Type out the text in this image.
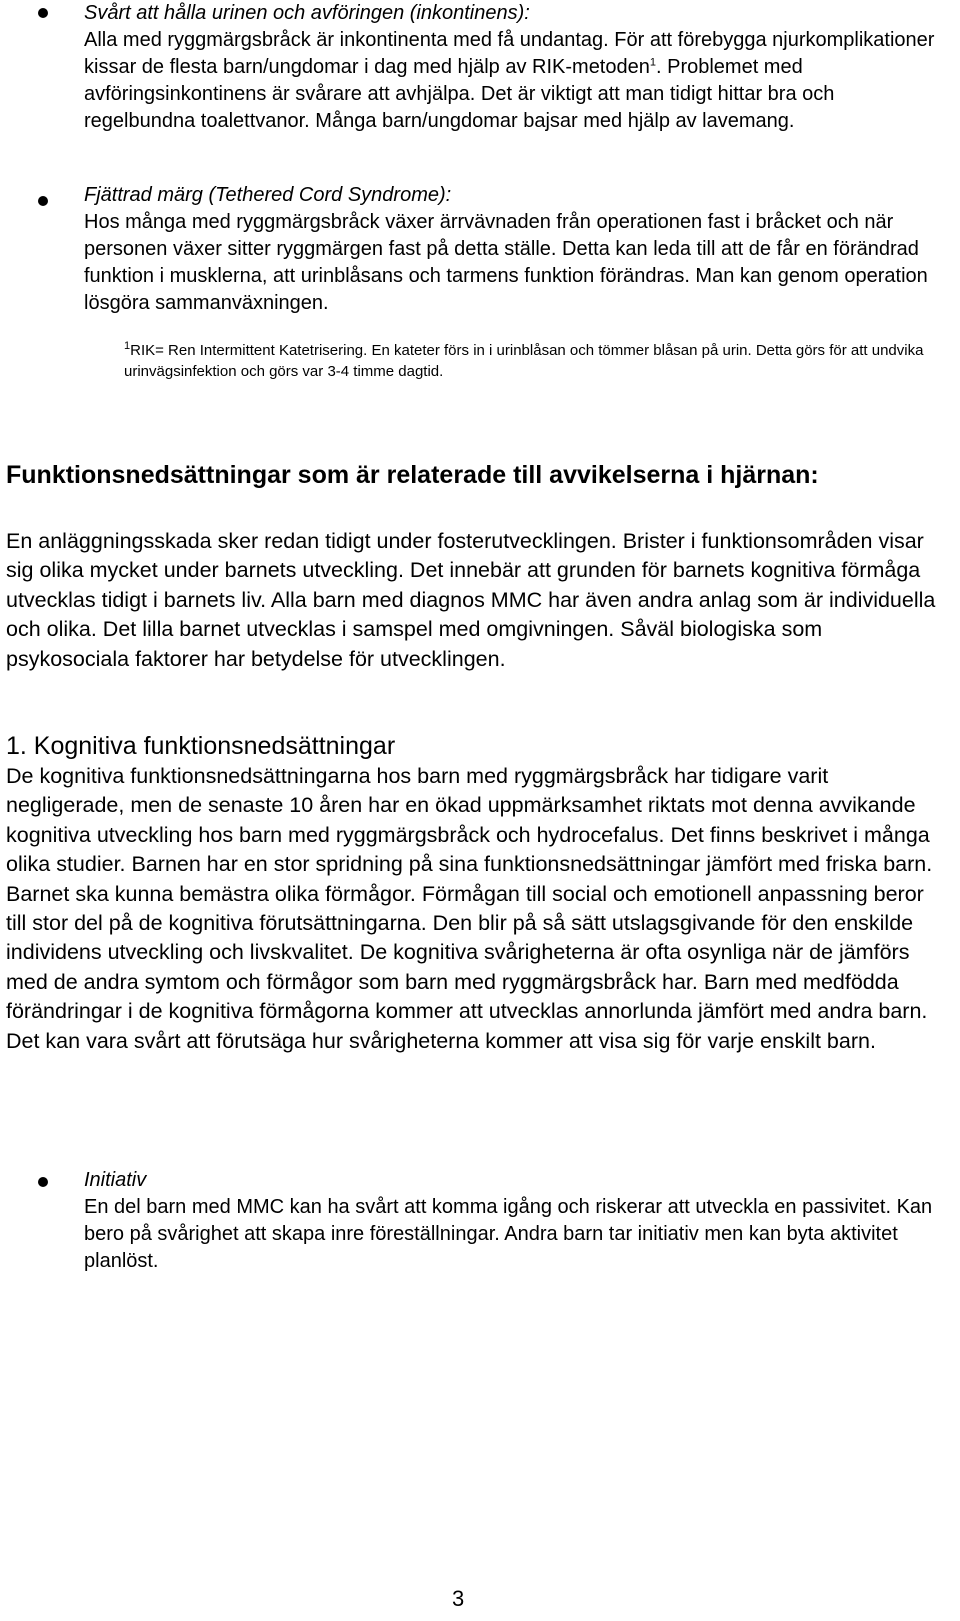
Svårt att hålla urinen och avföringen (inkontinens):
Alla med ryggmärgsbråck är inkontinenta med få undantag. För att förebygga njurkomplikationer kissar de flesta barn/ungdomar i dag med hjälp av RIK-metoden$^1$. Problemet med avföringsinkontinens är svårare att avhjälpa. Det är viktigt att man tidigt hittar bra och regelbundna toalettvanor. Många barn/ungdomar bajsar med hjälp av lavemang.
Fjättrad märg (Tethered Cord Syndrome):
Hos många med ryggmärgsbråck växer ärrvävnaden från operationen fast i bråcket och när personen växer sitter ryggmärgen fast på detta ställe. Detta kan leda till att de får en förändrad funktion i musklerna, att urinblåsans och tarmens funktion förändras. Man kan genom operation lösgöra sammanväxningen.
$^1$RIK= Ren Intermittent Katetrisering. En kateter förs in i urinblåsan och tömmer blåsan på urin. Detta görs för att undvika urinvägsinfektion och görs var 3-4 timme dagtid.
Funktionsnedsättningar som är relaterade till avvikelserna i hjärnan:

En anläggningsskada sker redan tidigt under fosterutvecklingen. Brister i funktionsområden visar sig olika mycket under barnets utveckling. Det innebär att grunden för barnets kognitiva förmåga utvecklas tidigt i barnets liv. Alla barn med diagnos MMC har även andra anlag som är individuella och olika. Det lilla barnet utvecklas i samspel med omgivningen. Såväl biologiska som psykosociala faktorer har betydelse för utvecklingen.

1. Kognitiva funktionsnedsättningar

De kognitiva funktionsnedsättningarna hos barn med ryggmärgsbråck har tidigare varit negligerade, men de senaste 10 åren har en ökad uppmärksamhet riktats mot denna avvikande kognitiva utveckling hos barn med ryggmärgsbråck och hydrocefalus. Det finns beskrivet i många olika studier. Barnen har en stor spridning på sina funktionsnedsättningar jämfört med friska barn. Barnet ska kunna bemästra olika förmågor. Förmågan till social och emotionell anpassning beror till stor del på de kognitiva förutsättningarna. Den blir på så sätt utslagsgivande för den enskilde individens utveckling och livskvalitet. De kognitiva svårigheterna är ofta osynliga när de jämförs med de andra symtom och förmågor som barn med ryggmärgsbråck har. Barn med medfödda förändringar i de kognitiva förmågorna kommer att utvecklas annorlunda jämfört med andra barn. Det kan vara svårt att förutsäga hur svårigheterna kommer att visa sig för varje enskilt barn.

Initiativ
En del barn med MMC kan ha svårt att komma igång och riskerar att utveckla en passivitet. Kan bero på svårighet att skapa inre föreställningar. Andra barn tar initiativ men kan byta aktivitet planlöst.
3
